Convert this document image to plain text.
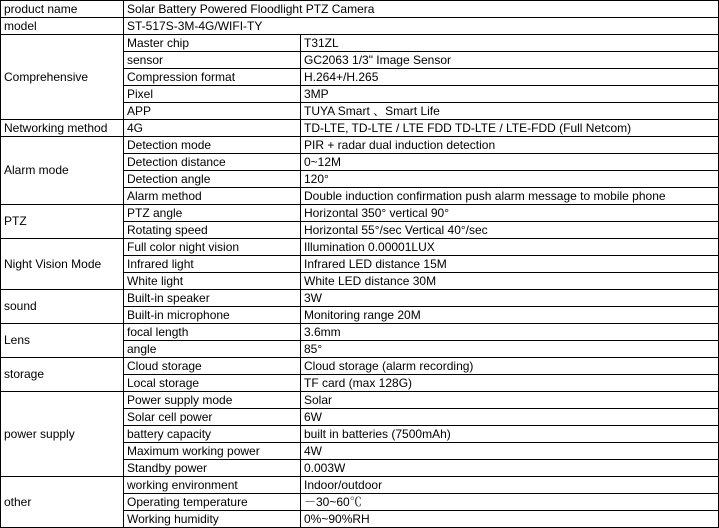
product name	Solar Battery Powered Floodlight PTZ Camera	
model	ST-517S-3M-4G/WIFI-TY	
Comprehensive	Master chip	T31ZL
	sensor	GC2063 1/3" Image Sensor
	Compression format	H.264+/H.265
	Pixel	3MP
	APP	TUYA Smart 、Smart Life
Networking method	4G	TD-LTE, TD-LTE / LTE FDD TD-LTE / LTE-FDD (Full Netcom)
Alarm mode	Detection mode	PIR + radar dual induction detection
	Detection distance	0~12M
	Detection angle	120°
	Alarm method	Double induction confirmation push alarm message to mobile phone
PTZ	PTZ angle	Horizontal 350° vertical 90°
	Rotating speed	Horizontal 55°/sec Vertical 40°/sec
Night Vision Mode	Full color night vision	Illumination 0.00001LUX
	Infrared light	Infrared LED distance 15M
	White light	White LED distance 30M
sound	Built-in speaker	3W
	Built-in microphone	Monitoring range 20M
Lens	focal length	3.6mm
	angle	85°
storage	Cloud storage	Cloud storage (alarm recording)
	Local storage	TF card (max 128G)
power supply	Power supply mode	Solar
	Solar cell power	6W
	battery capacity	built in batteries (7500mAh)
	Maximum working power	4W
	Standby power	0.003W
other	working environment	Indoor/outdoor
	Operating temperature	－30~60℃
	Working humidity	0%~90%RH
